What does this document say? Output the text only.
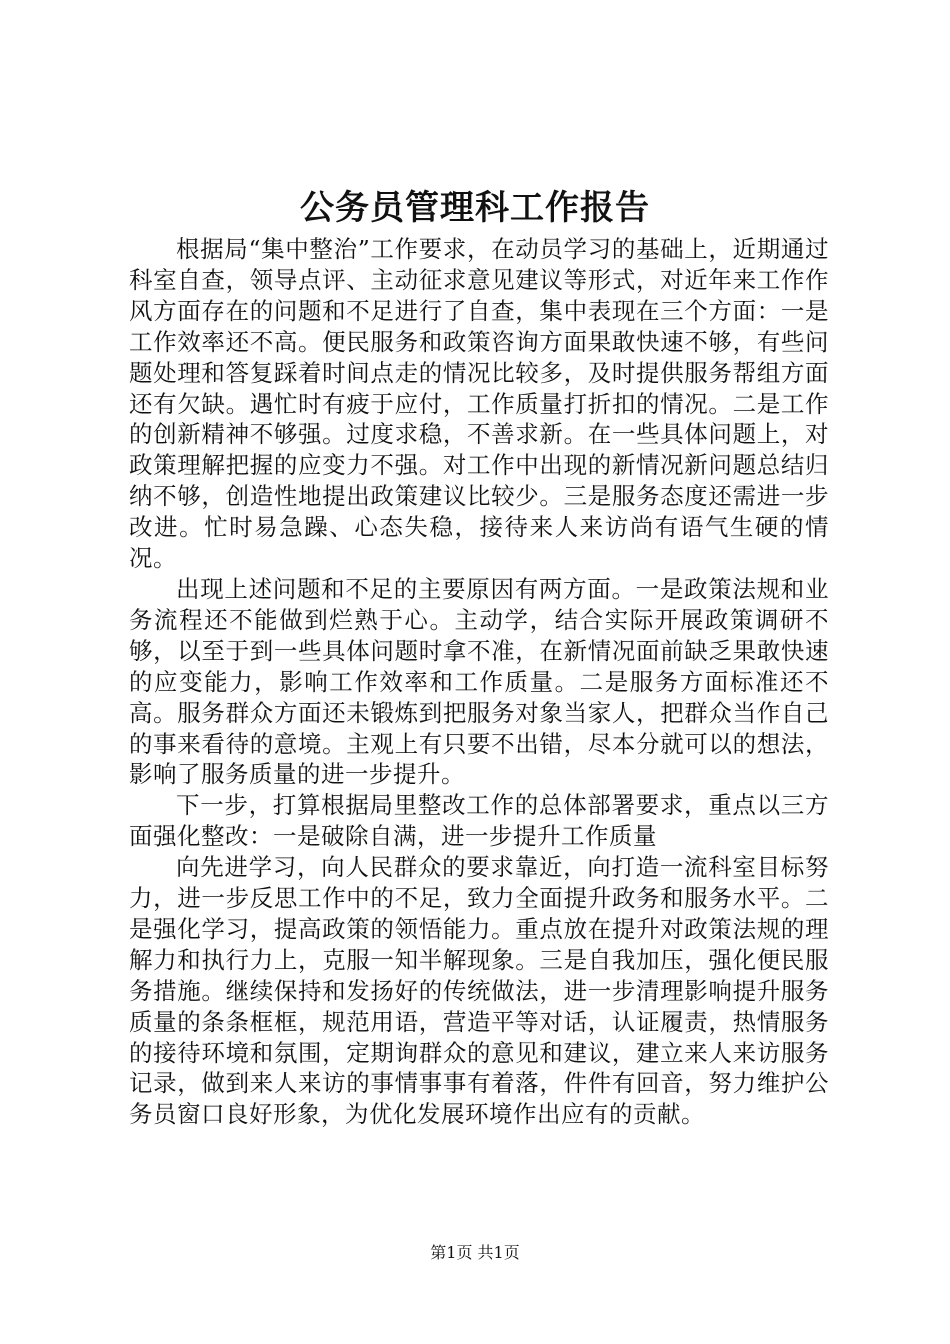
公务员管理科工作报告

根据局“集中整治”工作要求，在动员学习的基础上，近期通过科室自查，领导点评、主动征求意见建议等形式，对近年来工作作风方面存在的问题和不足进行了自查，集中表现在三个方面：一是工作效率还不高。便民服务和政策咨询方面果敢快速不够，有些问题处理和答复踩着时间点走的情况比较多，及时提供服务帮组方面还有欠缺。遇忙时有疲于应付，工作质量打折扣的情况。二是工作的创新精神不够强。过度求稳，不善求新。在一些具体问题上，对政策理解把握的应变力不强。对工作中出现的新情况新问题总结归纳不够，创造性地提出政策建议比较少。三是服务态度还需进一步改进。忙时易急躁、心态失稳，接待来人来访尚有语气生硬的情况。

出现上述问题和不足的主要原因有两方面。一是政策法规和业务流程还不能做到烂熟于心。主动学，结合实际开展政策调研不够，以至于到一些具体问题时拿不准，在新情况面前缺乏果敢快速的应变能力，影响工作效率和工作质量。二是服务方面标准还不高。服务群众方面还未锻炼到把服务对象当家人，把群众当作自己的事来看待的意境。主观上有只要不出错，尽本分就可以的想法，影响了服务质量的进一步提升。

下一步，打算根据局里整改工作的总体部署要求，重点以三方面强化整改：一是破除自满，进一步提升工作质量

向先进学习，向人民群众的要求靠近，向打造一流科室目标努力，进一步反思工作中的不足，致力全面提升政务和服务水平。二是强化学习，提高政策的领悟能力。重点放在提升对政策法规的理解力和执行力上，克服一知半解现象。三是自我加压，强化便民服务措施。继续保持和发扬好的传统做法，进一步清理影响提升服务质量的条条框框，规范用语，营造平等对话，认证履责，热情服务的接待环境和氛围，定期询群众的意见和建议，建立来人来访服务记录，做到来人来访的事情事事有着落，件件有回音，努力维护公务员窗口良好形象，为优化发展环境作出应有的贡献。

第1页 共1页
